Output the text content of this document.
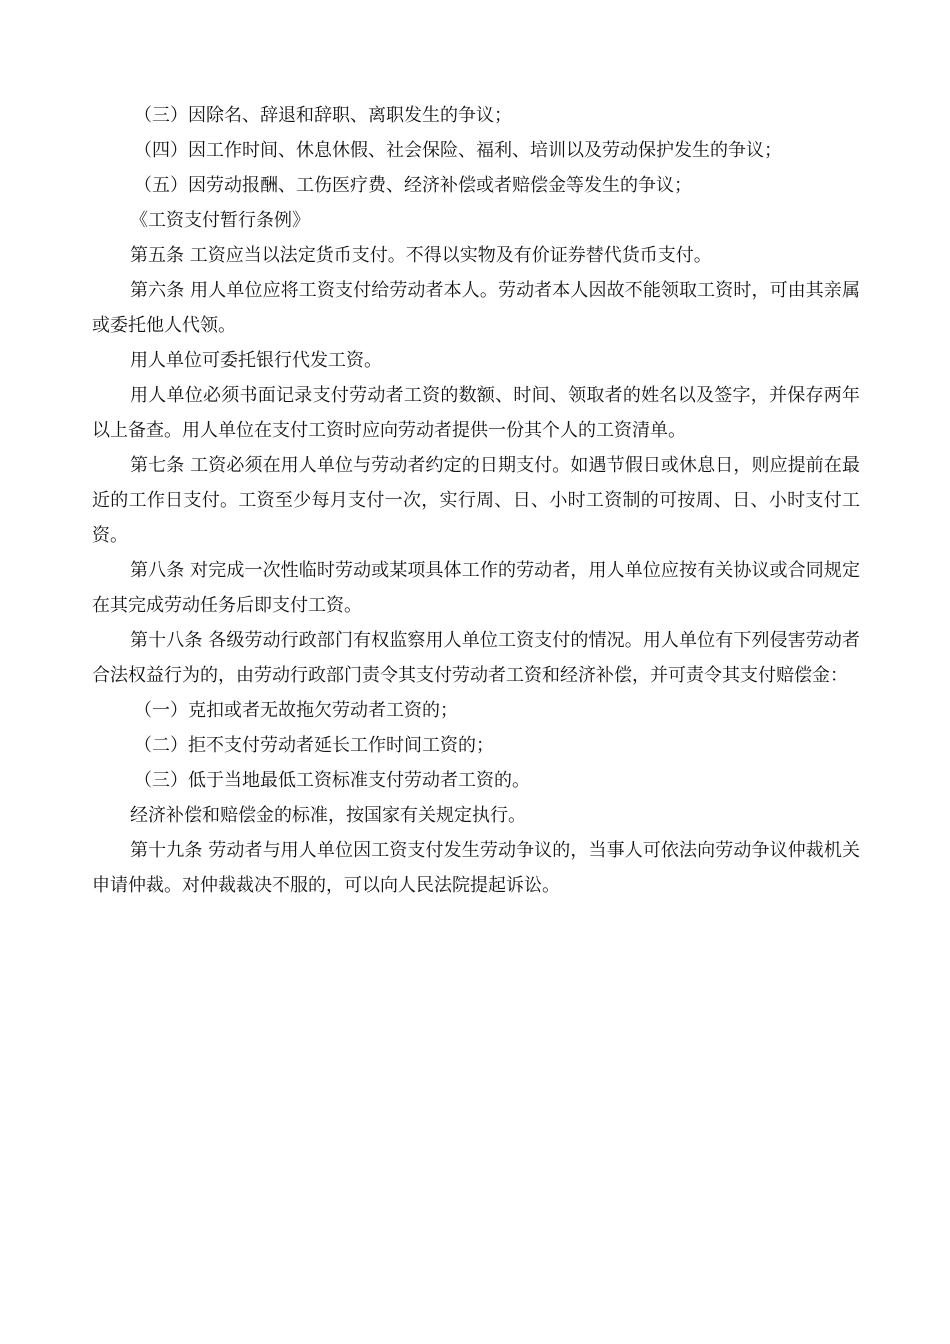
（三）因除名、辞退和辞职、离职发生的争议；

（四）因工作时间、休息休假、社会保险、福利、培训以及劳动保护发生的争议；

（五）因劳动报酬、工伤医疗费、经济补偿或者赔偿金等发生的争议；

《工资支付暂行条例》

第五条 工资应当以法定货币支付。不得以实物及有价证券替代货币支付。

第六条 用人单位应将工资支付给劳动者本人。劳动者本人因故不能领取工资时，可由其亲属或委托他人代领。

用人单位可委托银行代发工资。

用人单位必须书面记录支付劳动者工资的数额、时间、领取者的姓名以及签字，并保存两年以上备查。用人单位在支付工资时应向劳动者提供一份其个人的工资清单。

第七条 工资必须在用人单位与劳动者约定的日期支付。如遇节假日或休息日，则应提前在最近的工作日支付。工资至少每月支付一次，实行周、日、小时工资制的可按周、日、小时支付工资。

第八条 对完成一次性临时劳动或某项具体工作的劳动者，用人单位应按有关协议或合同规定在其完成劳动任务后即支付工资。

第十八条 各级劳动行政部门有权监察用人单位工资支付的情况。用人单位有下列侵害劳动者合法权益行为的，由劳动行政部门责令其支付劳动者工资和经济补偿，并可责令其支付赔偿金：

（一）克扣或者无故拖欠劳动者工资的；

（二）拒不支付劳动者延长工作时间工资的；

（三）低于当地最低工资标准支付劳动者工资的。

经济补偿和赔偿金的标准，按国家有关规定执行。

第十九条 劳动者与用人单位因工资支付发生劳动争议的，当事人可依法向劳动争议仲裁机关申请仲裁。对仲裁裁决不服的，可以向人民法院提起诉讼。
